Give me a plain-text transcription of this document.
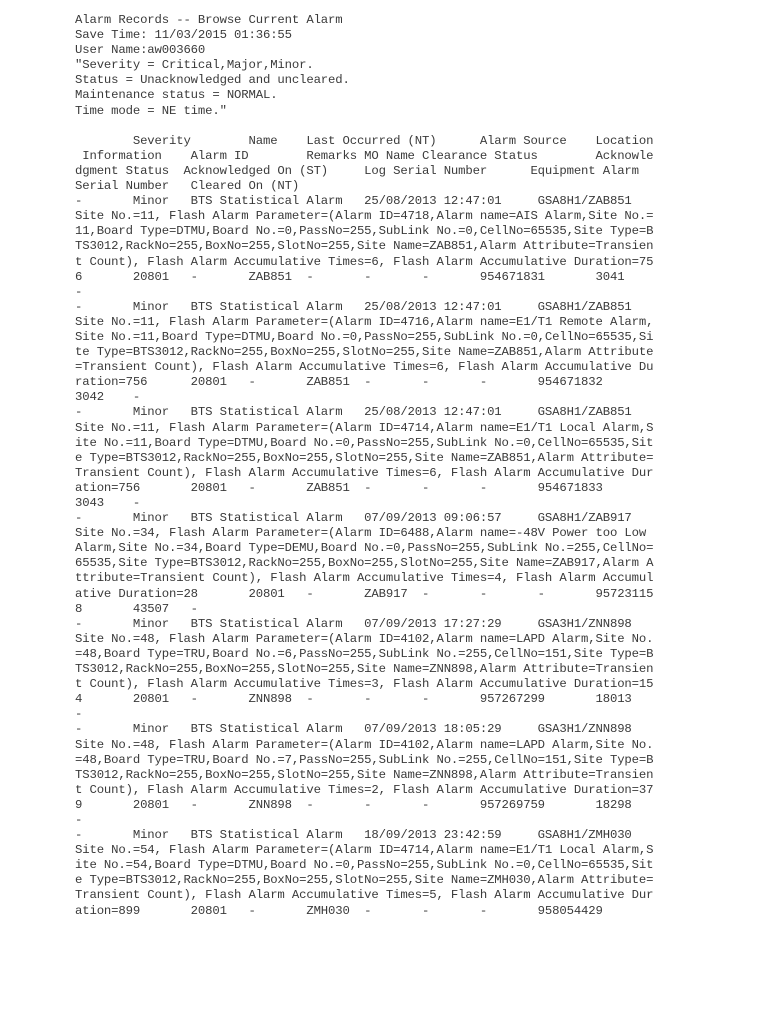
Alarm Records -- Browse Current Alarm
Save Time: 11/03/2015 01:36:55
User Name:aw003660
"Severity = Critical,Major,Minor.
Status = Unacknowledged and uncleared.
Maintenance status = NORMAL.
Time mode = NE time."
Severity        Name    Last Occurred (NT)      Alarm Source    Location
Information    Alarm ID        Remarks MO Name Clearance Status        Acknowle
dgment Status  Acknowledged On (ST)     Log Serial Number      Equipment Alarm
Serial Number   Cleared On (NT)
-       Minor   BTS Statistical Alarm   25/08/2013 12:47:01     GSA8H1/ZAB851
Site No.=11, Flash Alarm Parameter=(Alarm ID=4718,Alarm name=AIS Alarm,Site No.=
11,Board Type=DTMU,Board No.=0,PassNo=255,SubLink No.=0,CellNo=65535,Site Type=B
TS3012,RackNo=255,BoxNo=255,SlotNo=255,Site Name=ZAB851,Alarm Attribute=Transien
t Count), Flash Alarm Accumulative Times=6, Flash Alarm Accumulative Duration=75
6       20801   -       ZAB851  -       -       -       954671831       3041
-
-       Minor   BTS Statistical Alarm   25/08/2013 12:47:01     GSA8H1/ZAB851
Site No.=11, Flash Alarm Parameter=(Alarm ID=4716,Alarm name=E1/T1 Remote Alarm,
Site No.=11,Board Type=DTMU,Board No.=0,PassNo=255,SubLink No.=0,CellNo=65535,Si
te Type=BTS3012,RackNo=255,BoxNo=255,SlotNo=255,Site Name=ZAB851,Alarm Attribute
=Transient Count), Flash Alarm Accumulative Times=6, Flash Alarm Accumulative Du
ration=756      20801   -       ZAB851  -       -       -       954671832
3042    -
-       Minor   BTS Statistical Alarm   25/08/2013 12:47:01     GSA8H1/ZAB851
Site No.=11, Flash Alarm Parameter=(Alarm ID=4714,Alarm name=E1/T1 Local Alarm,S
ite No.=11,Board Type=DTMU,Board No.=0,PassNo=255,SubLink No.=0,CellNo=65535,Sit
e Type=BTS3012,RackNo=255,BoxNo=255,SlotNo=255,Site Name=ZAB851,Alarm Attribute=
Transient Count), Flash Alarm Accumulative Times=6, Flash Alarm Accumulative Dur
ation=756       20801   -       ZAB851  -       -       -       954671833
3043    -
-       Minor   BTS Statistical Alarm   07/09/2013 09:06:57     GSA8H1/ZAB917
Site No.=34, Flash Alarm Parameter=(Alarm ID=6488,Alarm name=-48V Power too Low
Alarm,Site No.=34,Board Type=DEMU,Board No.=0,PassNo=255,SubLink No.=255,CellNo=
65535,Site Type=BTS3012,RackNo=255,BoxNo=255,SlotNo=255,Site Name=ZAB917,Alarm A
ttribute=Transient Count), Flash Alarm Accumulative Times=4, Flash Alarm Accumul
ative Duration=28       20801   -       ZAB917  -       -       -       95723115
8       43507   -
-       Minor   BTS Statistical Alarm   07/09/2013 17:27:29     GSA3H1/ZNN898
Site No.=48, Flash Alarm Parameter=(Alarm ID=4102,Alarm name=LAPD Alarm,Site No.
=48,Board Type=TRU,Board No.=6,PassNo=255,SubLink No.=255,CellNo=151,Site Type=B
TS3012,RackNo=255,BoxNo=255,SlotNo=255,Site Name=ZNN898,Alarm Attribute=Transien
t Count), Flash Alarm Accumulative Times=3, Flash Alarm Accumulative Duration=15
4       20801   -       ZNN898  -       -       -       957267299       18013
-
-       Minor   BTS Statistical Alarm   07/09/2013 18:05:29     GSA3H1/ZNN898
Site No.=48, Flash Alarm Parameter=(Alarm ID=4102,Alarm name=LAPD Alarm,Site No.
=48,Board Type=TRU,Board No.=7,PassNo=255,SubLink No.=255,CellNo=151,Site Type=B
TS3012,RackNo=255,BoxNo=255,SlotNo=255,Site Name=ZNN898,Alarm Attribute=Transien
t Count), Flash Alarm Accumulative Times=2, Flash Alarm Accumulative Duration=37
9       20801   -       ZNN898  -       -       -       957269759       18298
-
-       Minor   BTS Statistical Alarm   18/09/2013 23:42:59     GSA8H1/ZMH030
Site No.=54, Flash Alarm Parameter=(Alarm ID=4714,Alarm name=E1/T1 Local Alarm,S
ite No.=54,Board Type=DTMU,Board No.=0,PassNo=255,SubLink No.=0,CellNo=65535,Sit
e Type=BTS3012,RackNo=255,BoxNo=255,SlotNo=255,Site Name=ZMH030,Alarm Attribute=
Transient Count), Flash Alarm Accumulative Times=5, Flash Alarm Accumulative Dur
ation=899       20801   -       ZMH030  -       -       -       958054429
